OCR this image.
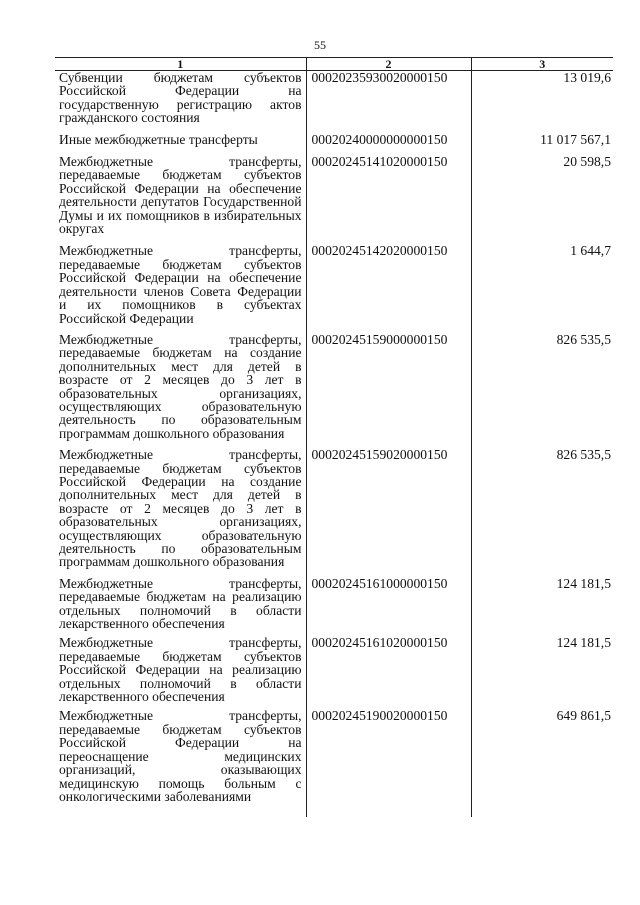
55
1	2	3
Субвенции бюджетам субъектов Российской Федерации на государственную регистрацию актов гражданского состояния	00020235930020000150	13 019,6
Иные межбюджетные трансферты	00020240000000000150	11 017 567,1
Межбюджетные трансферты, передаваемые бюджетам субъектов Российской Федерации на обеспечение деятельности депутатов Государственной Думы и их помощников в избирательных округах	00020245141020000150	20 598,5
Межбюджетные трансферты, передаваемые бюджетам субъектов Российской Федерации на обеспечение деятельности членов Совета Федерации и их помощников в субъектах Российской Федерации	00020245142020000150	1 644,7
Межбюджетные трансферты, передаваемые бюджетам на создание дополнительных мест для детей в возрасте от 2 месяцев до 3 лет в образовательных организациях, осуществляющих образовательную деятельность по образовательным программам дошкольного образования	00020245159000000150	826 535,5
Межбюджетные трансферты, передаваемые бюджетам субъектов Российской Федерации на создание дополнительных мест для детей в возрасте от 2 месяцев до 3 лет в образовательных организациях, осуществляющих образовательную деятельность по образовательным программам дошкольного образования	00020245159020000150	826 535,5
Межбюджетные трансферты, передаваемые бюджетам на реализацию отдельных полномочий в области лекарственного обеспечения	00020245161000000150	124 181,5
Межбюджетные трансферты, передаваемые бюджетам субъектов Российской Федерации на реализацию отдельных полномочий в области лекарственного обеспечения	00020245161020000150	124 181,5
Межбюджетные трансферты, передаваемые бюджетам субъектов Российской Федерации на переоснащение медицинских организаций, оказывающих медицинскую помощь больным с онкологическими заболеваниями	00020245190020000150	649 861,5
